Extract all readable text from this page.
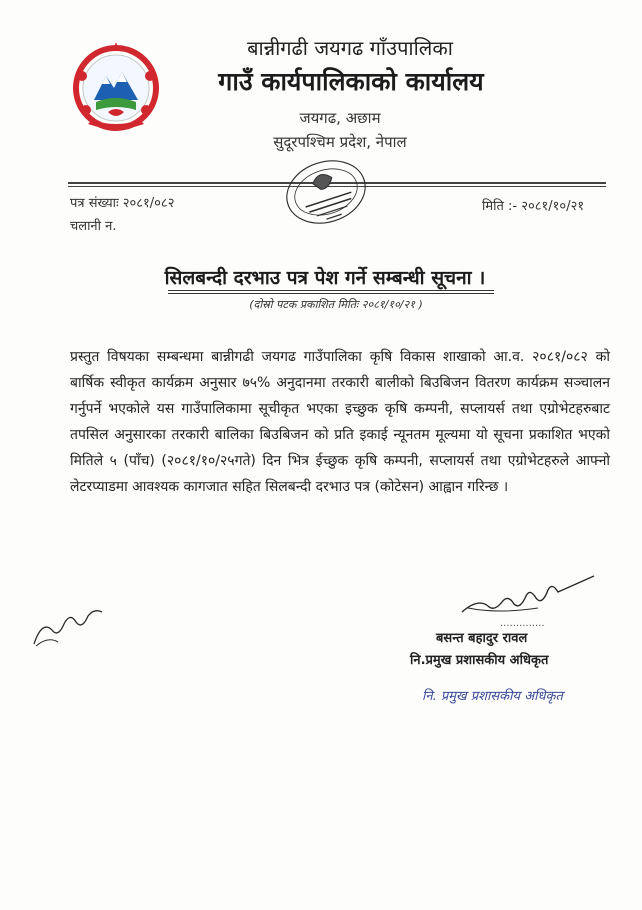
बान्नीगढी जयगढ गाँउपालिका
गाउँ कार्यपालिकाको कार्यालय
जयगढ, अछाम
सुदूरपश्चिम प्रदेश, नेपाल
पत्र संख्याः २०८१/०८२
चलानी न.
मिति :- २०८१/१०/२१
सिलबन्दी दरभाउ पत्र पेश गर्ने सम्बन्धी सूचना ।
(दोस्रो पटक प्रकाशित मितिः २०८१/१०/२१ )
प्रस्तुत विषयका सम्बन्धमा बान्नीगढी जयगढ गाउँपालिका कृषि विकास शाखाको आ.व. २०८१/०८२ को बार्षिक स्वीकृत कार्यक्रम अनुसार ७५% अनुदानमा तरकारी बालीको बिउबिजन वितरण कार्यक्रम सञ्चालन गर्नुपर्ने भएकोले यस गाउँपालिकामा सूचीकृत भएका इच्छुक कृषि कम्पनी, सप्लायर्स तथा एग्रोभेटहरुबाट तपसिल अनुसारका तरकारी बालिका बिउबिजन को प्रति इकाई न्यूनतम मूल्यमा यो सूचना प्रकाशित भएको मितिले ५ (पाँच) (२०८१/१०/२५गते) दिन भित्र ईच्छुक कृषि कम्पनी, सप्लायर्स तथा एग्रोभेटहरुले आफ्नो लेटरप्याडमा आवश्यक कागजात सहित सिलबन्दी दरभाउ पत्र (कोटेसन) आह्वान गरिन्छ ।
..............
बसन्त बहादुर रावल
नि.प्रमुख प्रशासकीय अधिकृत
नि. प्रमुख प्रशासकीय अधिकृत
